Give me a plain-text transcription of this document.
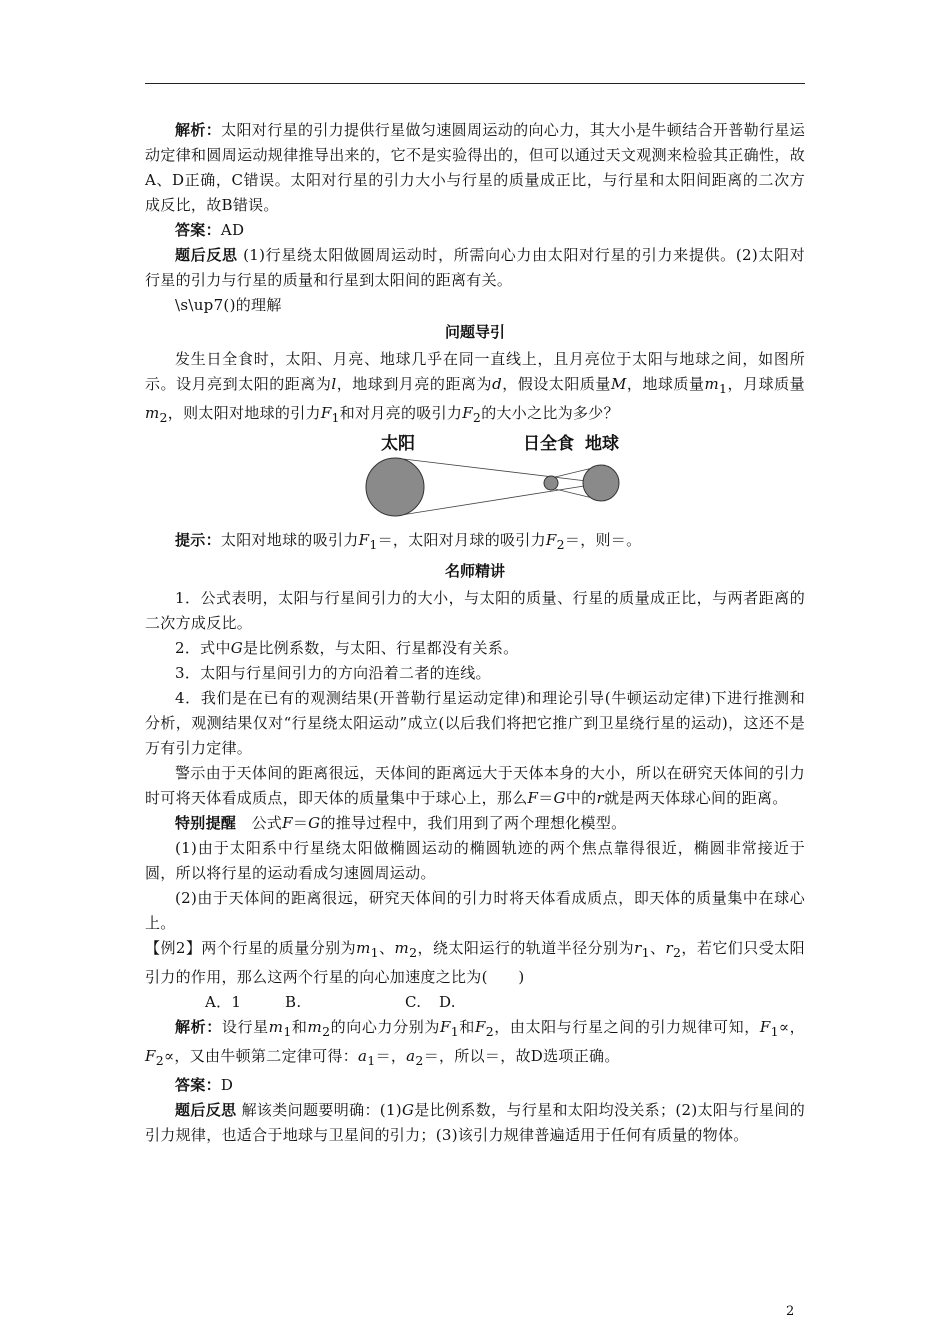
解析：太阳对行星的引力提供行星做匀速圆周运动的向心力，其大小是牛顿结合开普勒行星运动定律和圆周运动规律推导出来的，它不是实验得出的，但可以通过天文观测来检验其正确性，故A、D正确，C错误。太阳对行星的引力大小与行星的质量成正比，与行星和太阳间距离的二次方成反比，故B错误。

答案：AD

题后反思 (1)行星绕太阳做圆周运动时，所需向心力由太阳对行星的引力来提供。(2)太阳对行星的引力与行星的质量和行星到太阳间的距离有关。

\s\up7()的理解

问题导引

发生日全食时，太阳、月亮、地球几乎在同一直线上，且月亮位于太阳与地球之间，如图所示。设月亮到太阳的距离为l，地球到月亮的距离为d，假设太阳质量M，地球质量$m_1$，月球质量$m_2$，则太阳对地球的引力$F_1$和对月亮的吸引力$F_2$的大小之比为多少？

太阳	日全食 地球

提示：太阳对地球的吸引力$F_1=$，太阳对月球的吸引力$F_2=$，则＝。

名师精讲

1．公式表明，太阳与行星间引力的大小，与太阳的质量、行星的质量成正比，与两者距离的二次方成反比。

2．式中G是比例系数，与太阳、行星都没有关系。

3．太阳与行星间引力的方向沿着二者的连线。

4．我们是在已有的观测结果(开普勒行星运动定律)和理论引导(牛顿运动定律)下进行推测和分析，观测结果仅对“行星绕太阳运动”成立(以后我们将把它推广到卫星绕行星的运动)，这还不是万有引力定律。

警示由于天体间的距离很远，天体间的距离远大于天体本身的大小，所以在研究天体间的引力时可将天体看成质点，即天体的质量集中于球心上，那么F＝G中的r就是两天体球心间的距离。

特别提醒　公式F＝G的推导过程中，我们用到了两个理想化模型。

(1)由于太阳系中行星绕太阳做椭圆运动的椭圆轨迹的两个焦点靠得很近，椭圆非常接近于圆，所以将行星的运动看成匀速圆周运动。

(2)由于天体间的距离很远，研究天体间的引力时将天体看成质点，即天体的质量集中在球心上。

【例2】两个行星的质量分别为$m_1$、$m_2$，绕太阳运行的轨道半径分别为$r_1$、$r_2$，若它们只受太阳引力的作用，那么这两个行星的向心加速度之比为(　　)

A．1	B.	C. D.

解析：设行星$m_1$和$m_2$的向心力分别为$F_1$和$F_2$，由太阳与行星之间的引力规律可知，$F_1\propto$，$F_2\propto$，又由牛顿第二定律可得：$a_1=$，$a_2=$，所以＝，故D选项正确。

答案：D

题后反思 解该类问题要明确：(1)G是比例系数，与行星和太阳均没关系；(2)太阳与行星间的引力规律，也适合于地球与卫星间的引力；(3)该引力规律普遍适用于任何有质量的物体。

2
